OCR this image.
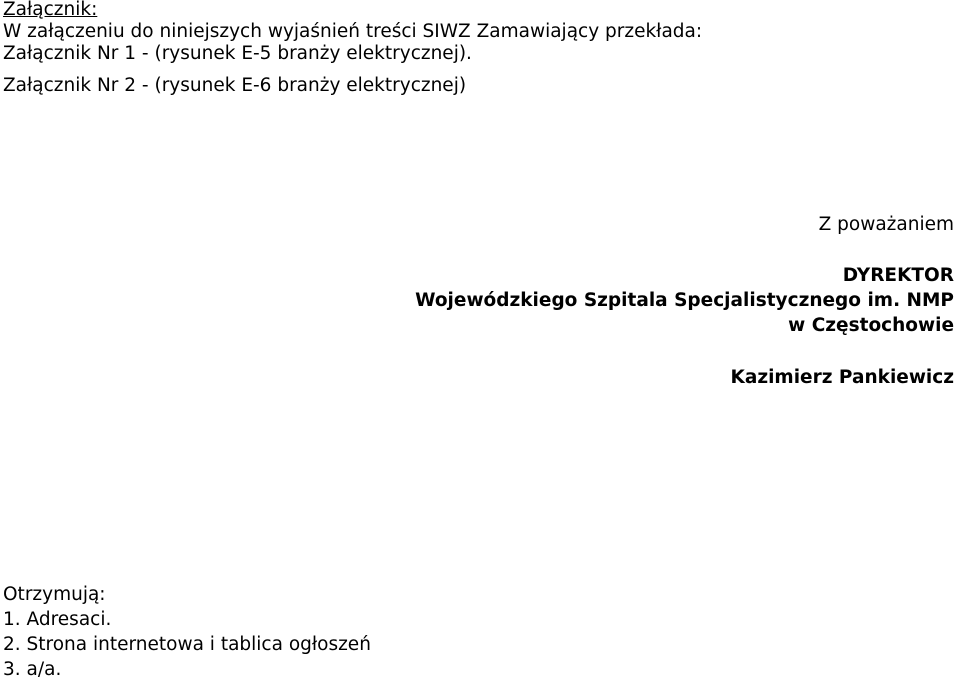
Załącznik:
W załączeniu do niniejszych wyjaśnień treści SIWZ Zamawiający przekłada:
Załącznik Nr 1 - (rysunek E-5 branży elektrycznej).
Załącznik Nr 2 - (rysunek E-6 branży elektrycznej)
Z poważaniem
DYREKTOR
Wojewódzkiego Szpitala Specjalistycznego im. NMP
w Częstochowie
Kazimierz Pankiewicz
Otrzymują:
1. Adresaci.
2. Strona internetowa i tablica ogłoszeń
3. a/a.
